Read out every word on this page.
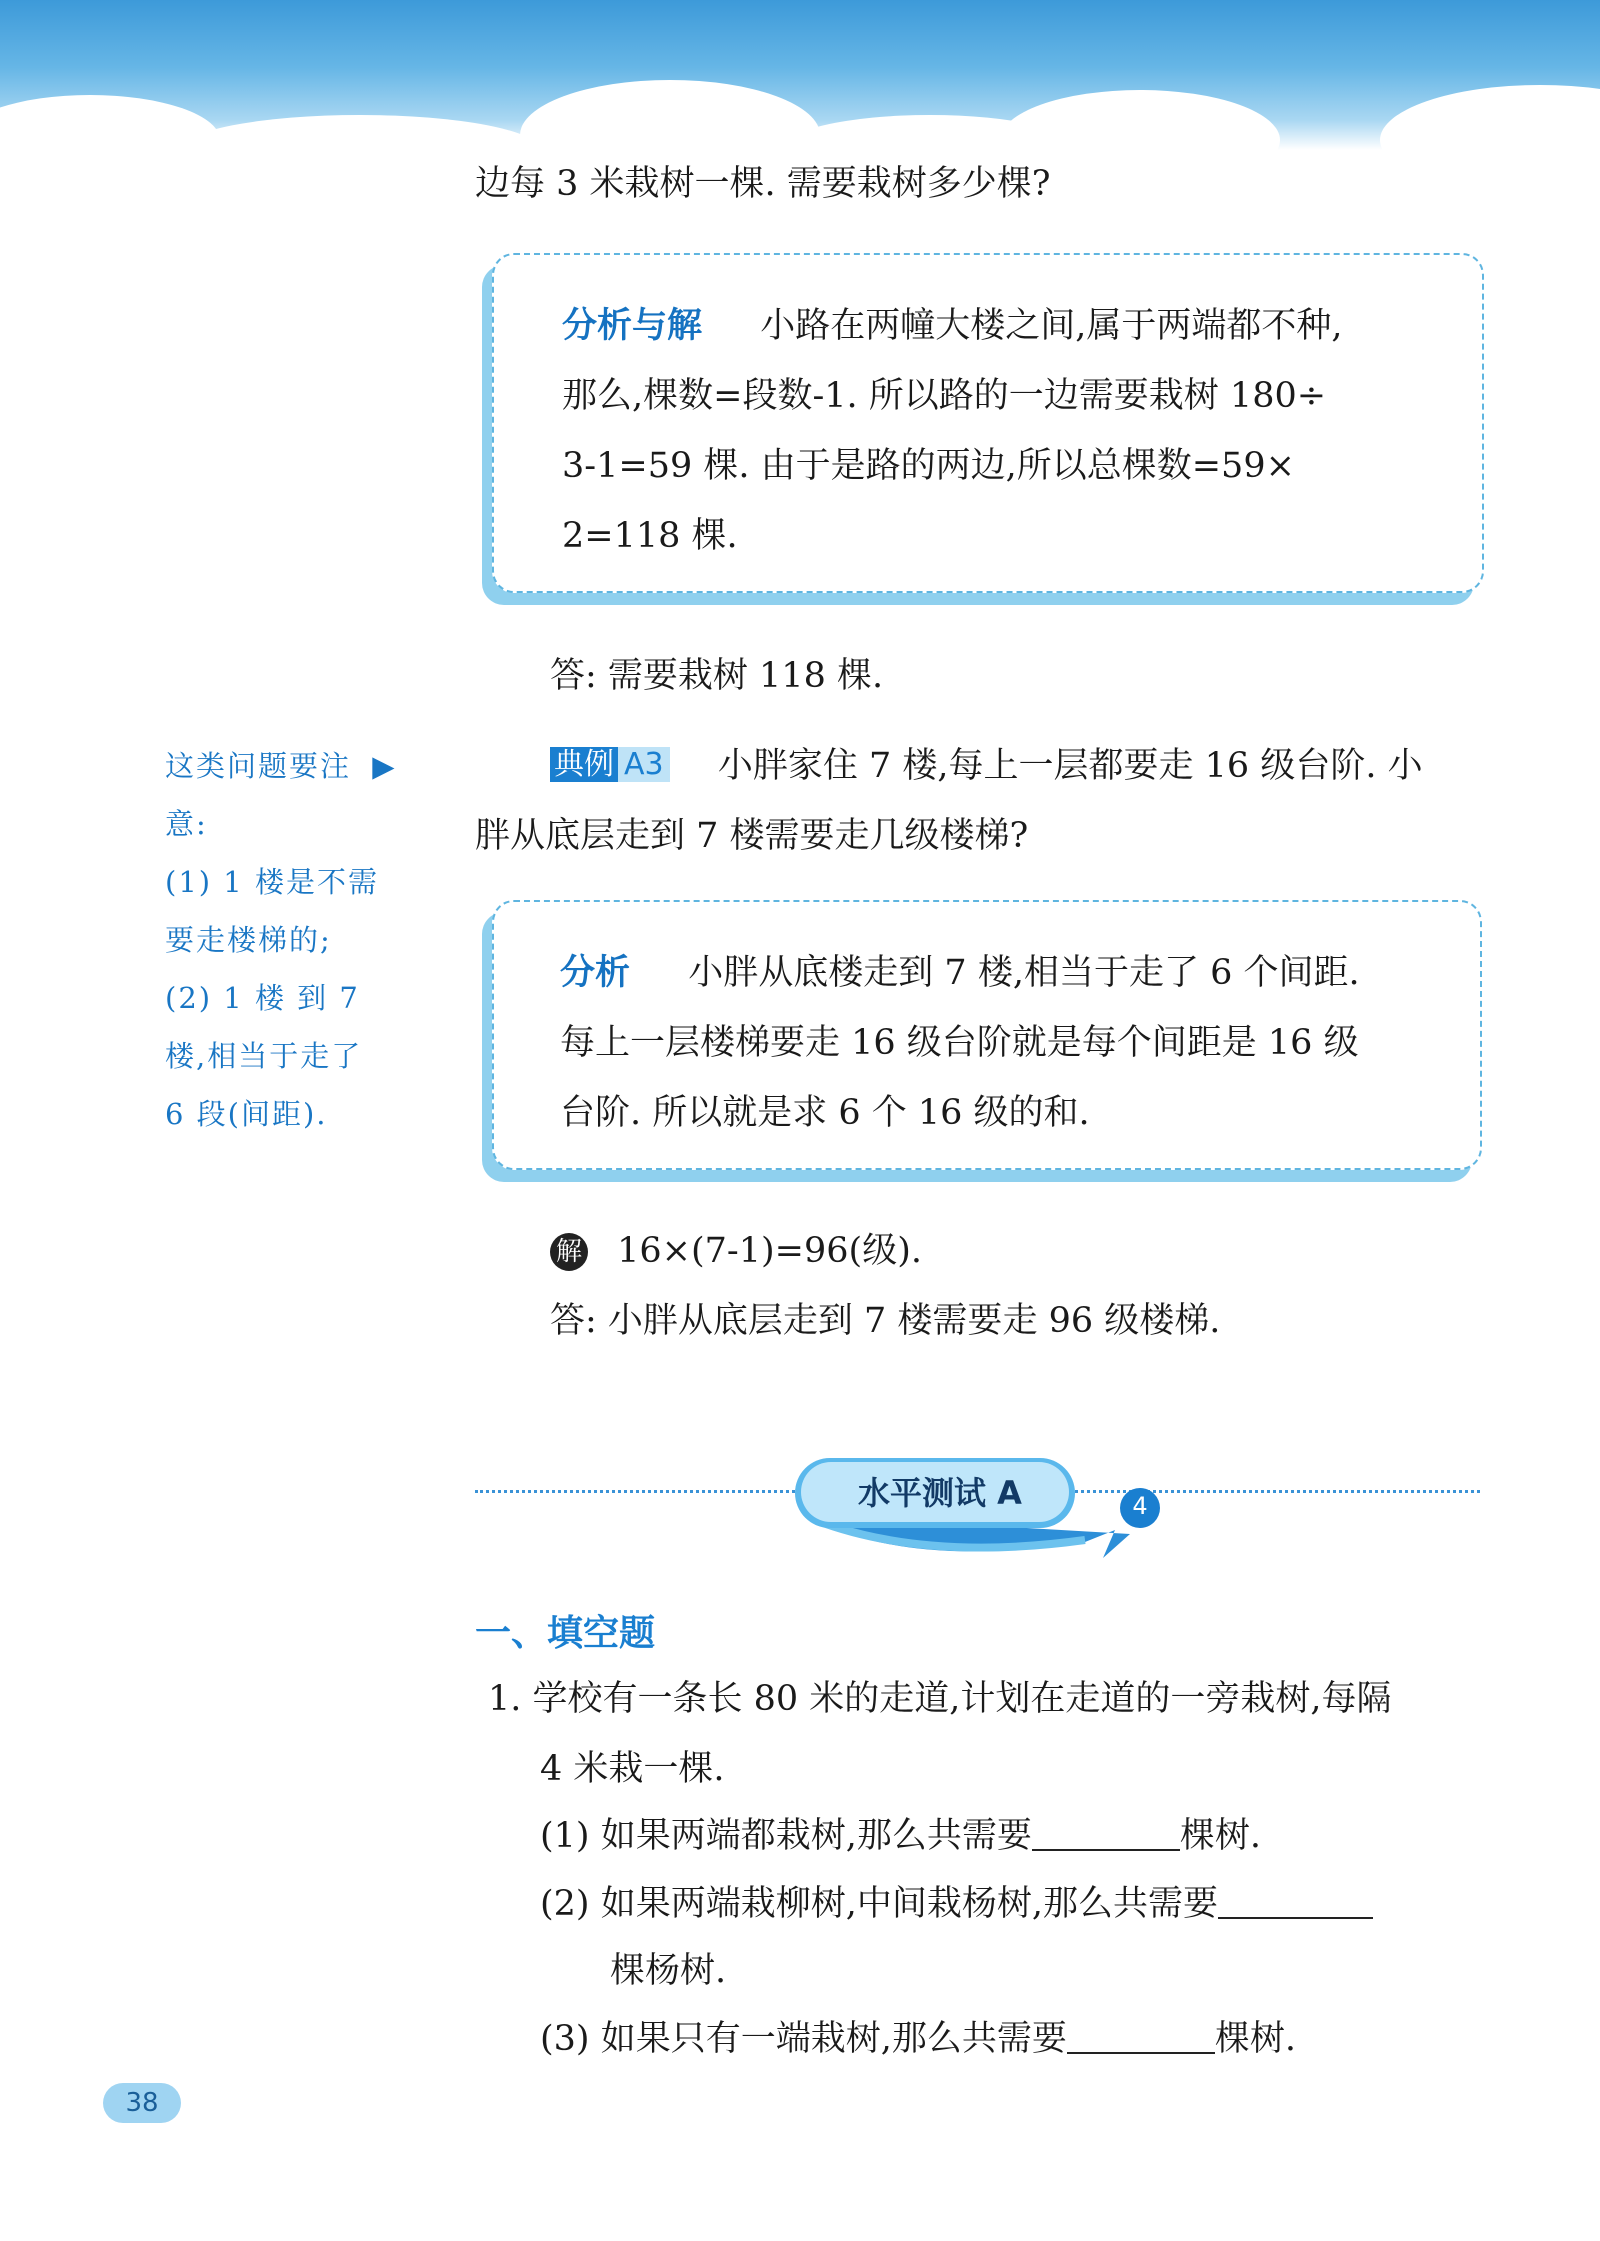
边每 3 米栽树一棵. 需要栽树多少棵?
分析与解 小路在两幢大楼之间,属于两端都不种,
那么,棵数=段数-1. 所以路的一边需要栽树 180÷
3-1=59 棵. 由于是路的两边,所以总棵数=59×
2=118 棵.
答: 需要栽树 118 棵.
这类问题要注 ▶
意:
(1) 1 楼是不需
要走楼梯的;
(2) 1 楼 到 7
楼,相当于走了
6 段(间距).
典例 A3 小胖家住 7 楼,每上一层都要走 16 级台阶. 小
胖从底层走到 7 楼需要走几级楼梯?
分析 小胖从底楼走到 7 楼,相当于走了 6 个间距.
每上一层楼梯要走 16 级台阶就是每个间距是 16 级
台阶. 所以就是求 6 个 16 级的和.
解 16×(7-1)=96(级).
答: 小胖从底层走到 7 楼需要走 96 级楼梯.
水平测试 A	4
一、填空题
1. 学校有一条长 80 米的走道,计划在走道的一旁栽树,每隔
4 米栽一棵.
(1) 如果两端都栽树,那么共需要	棵树.
(2) 如果两端栽柳树,中间栽杨树,那么共需要
棵杨树.
(3) 如果只有一端栽树,那么共需要	棵树.
38
